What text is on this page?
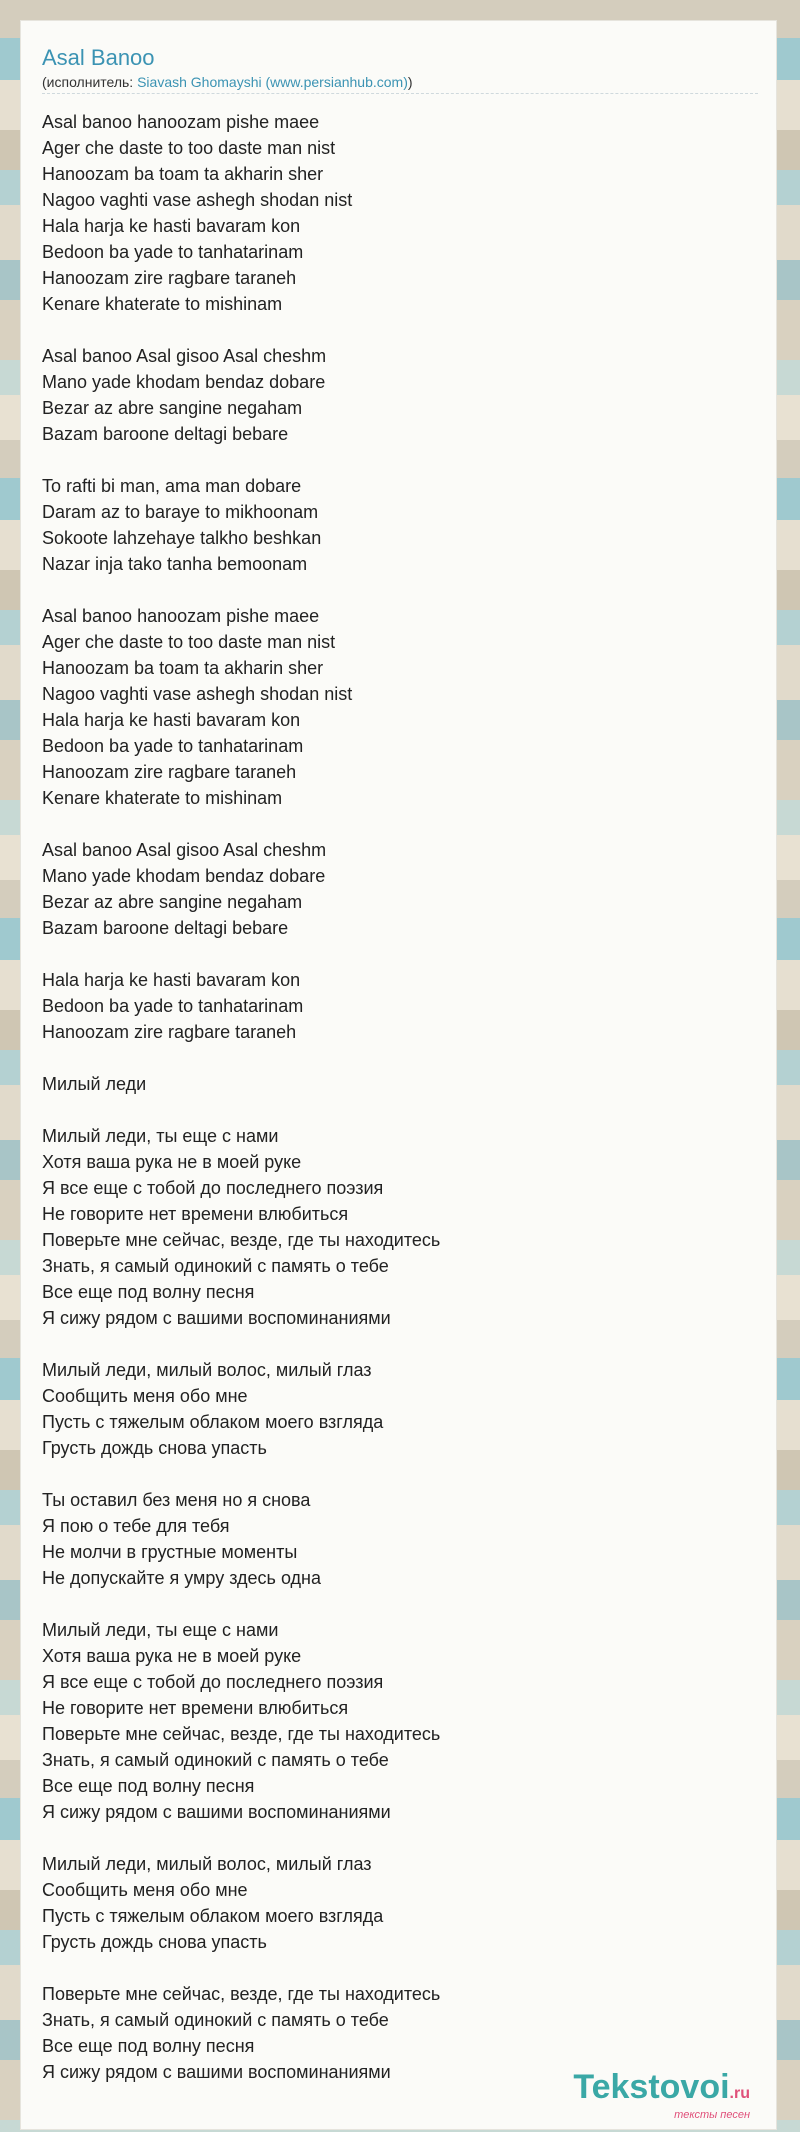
Asal Banoo
(исполнитель: Siavash Ghomayshi (www.persianhub.com))
Asal banoo hanoozam pishe maee
Ager che daste to too daste man nist
Hanoozam ba toam ta akharin sher
Nagoo vaghti vase ashegh shodan nist
Hala harja ke hasti bavaram kon
Bedoon ba yade to tanhatarinam
Hanoozam zire ragbare taraneh
Kenare khaterate to mishinam
Asal banoo Asal gisoo Asal cheshm
Mano yade khodam bendaz dobare
Bezar az abre sangine negaham
Bazam baroone deltagi bebare
To rafti bi man, ama man dobare
Daram az to baraye to mikhoonam
Sokoote lahzehaye talkho beshkan
Nazar inja tako tanha bemoonam
Asal banoo hanoozam pishe maee
Ager che daste to too daste man nist
Hanoozam ba toam ta akharin sher
Nagoo vaghti vase ashegh shodan nist
Hala harja ke hasti bavaram kon
Bedoon ba yade to tanhatarinam
Hanoozam zire ragbare taraneh
Kenare khaterate to mishinam
Asal banoo Asal gisoo Asal cheshm
Mano yade khodam bendaz dobare
Bezar az abre sangine negaham
Bazam baroone deltagi bebare
Hala harja ke hasti bavaram kon
Bedoon ba yade to tanhatarinam
Hanoozam zire ragbare taraneh
Милый леди
Милый леди, ты еще с нами
Хотя ваша рука не в моей руке
Я все еще с тобой до последнего поэзия
Не говорите нет времени влюбиться
Поверьте мне сейчас, везде, где ты находитесь
Знать, я самый одинокий с память о тебе
Все еще под волну песня
Я сижу рядом с вашими воспоминаниями
Милый леди, милый волос, милый глаз
Сообщить меня обо мне
Пусть с тяжелым облаком моего взгляда
Грусть дождь снова упасть
Ты оставил без меня но я снова
Я пою о тебе для тебя
Не молчи в грустные моменты
Не допускайте я умру здесь одна
Милый леди, ты еще с нами
Хотя ваша рука не в моей руке
Я все еще с тобой до последнего поэзия
Не говорите нет времени влюбиться
Поверьте мне сейчас, везде, где ты находитесь
Знать, я самый одинокий с память о тебе
Все еще под волну песня
Я сижу рядом с вашими воспоминаниями
Милый леди, милый волос, милый глаз
Сообщить меня обо мне
Пусть с тяжелым облаком моего взгляда
Грусть дождь снова упасть
Поверьте мне сейчас, везде, где ты находитесь
Знать, я самый одинокий с память о тебе
Все еще под волну песня
Я сижу рядом с вашими воспоминаниями	Tekstovoi.ru
тексты песен
